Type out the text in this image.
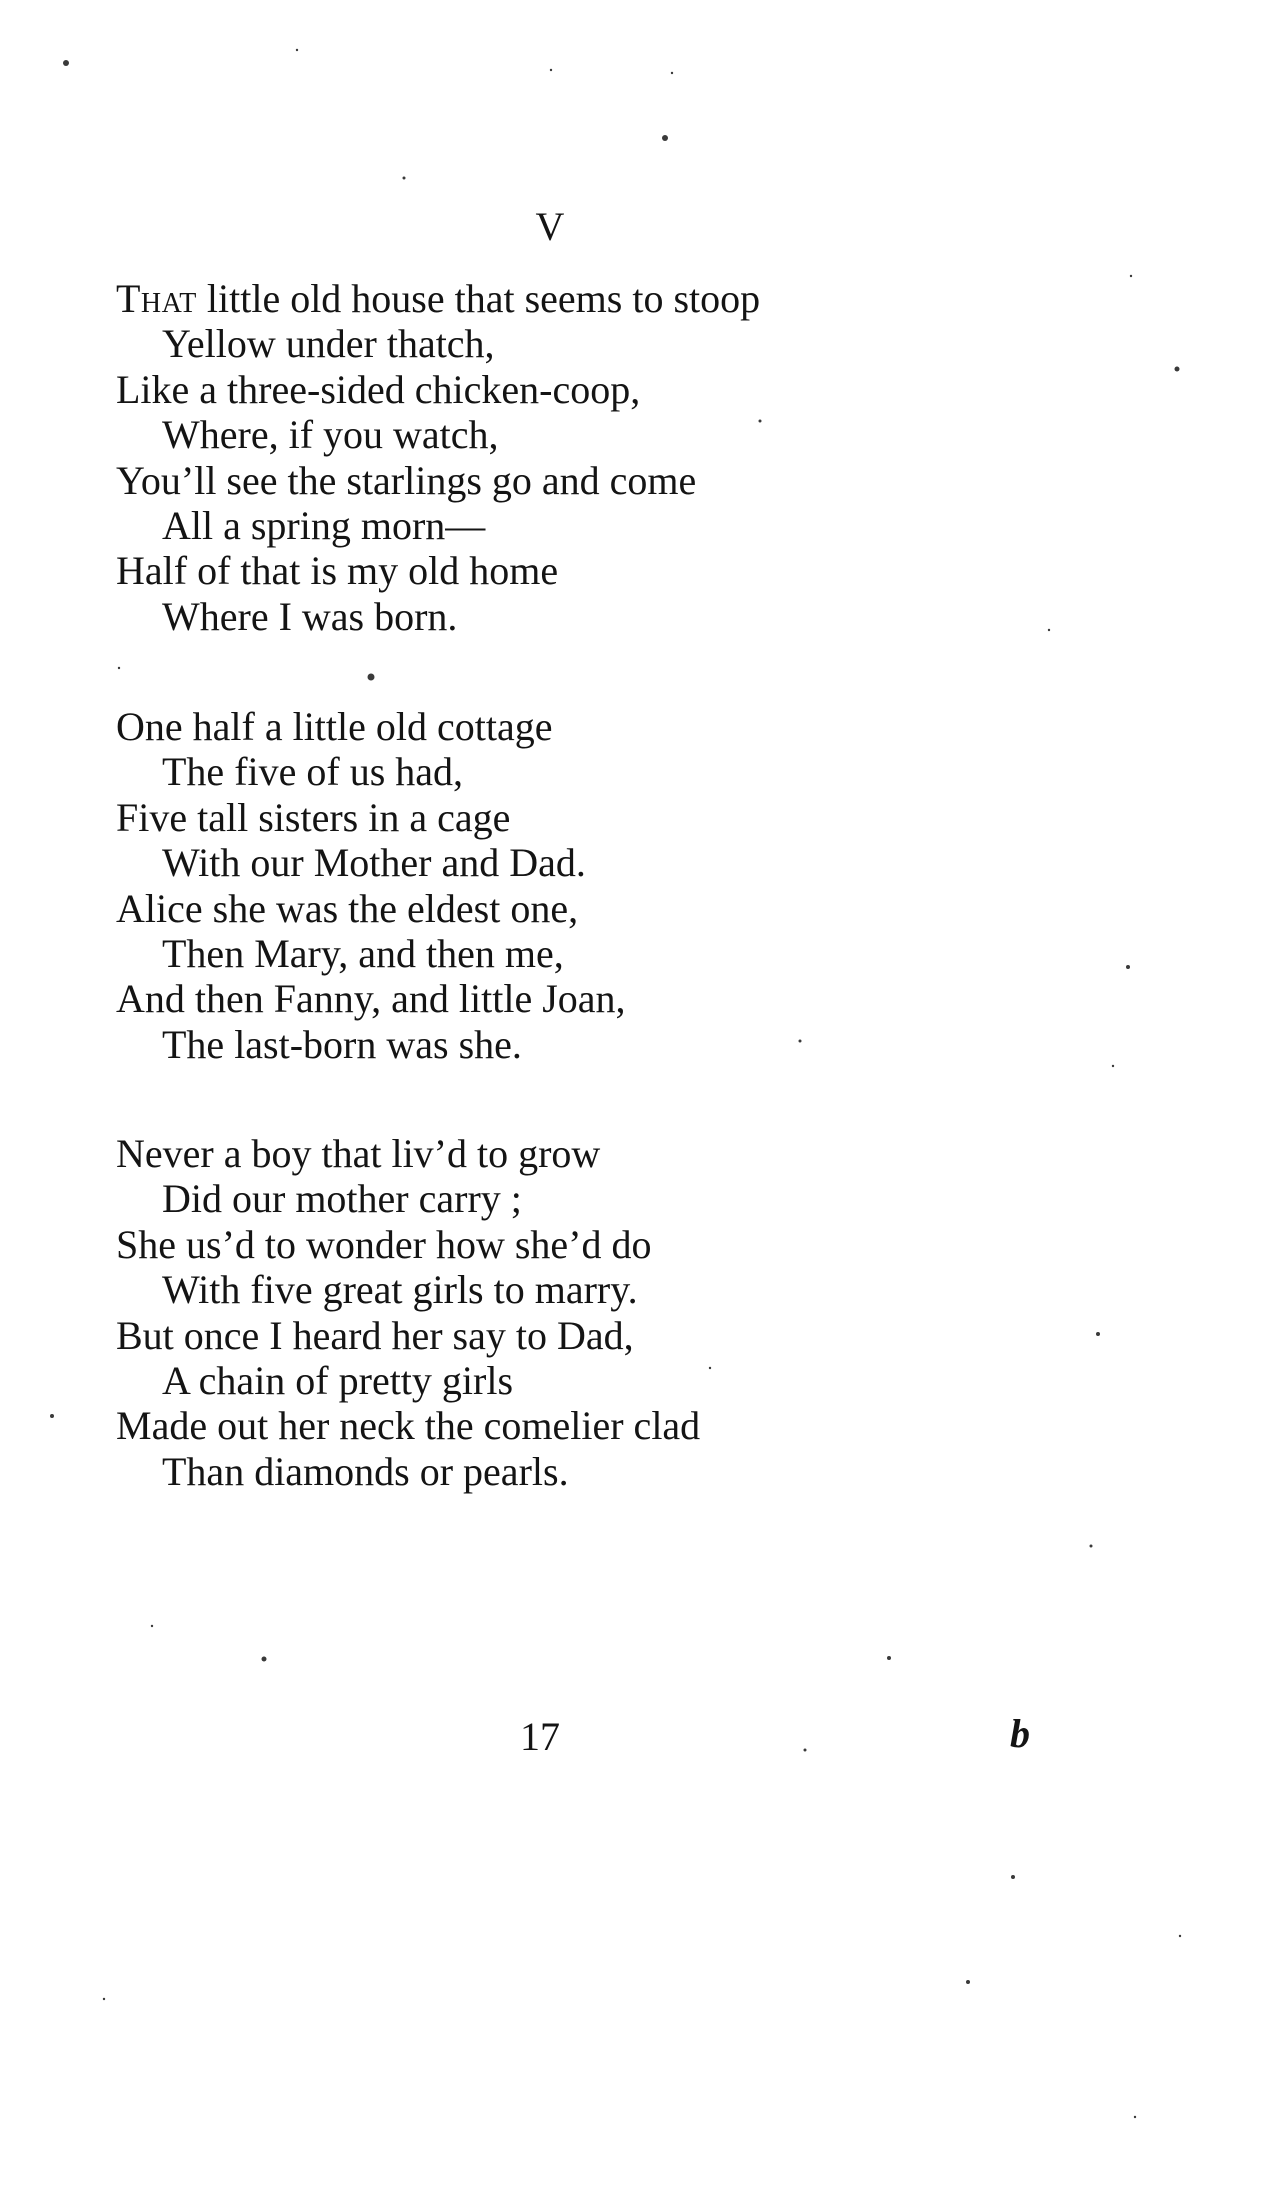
V
That little old house that seems to stoop
Yellow under thatch,
Like a three-sided chicken-coop,
Where, if you watch,
You’ll see the starlings go and come
All a spring morn—
Half of that is my old home
Where I was born.
One half a little old cottage
The five of us had,
Five tall sisters in a cage
With our Mother and Dad.
Alice she was the eldest one,
Then Mary, and then me,
And then Fanny, and little Joan,
The last-born was she.
Never a boy that liv’d to grow
Did our mother carry ;
She us’d to wonder how she’d do
With five great girls to marry.
But once I heard her say to Dad,
A chain of pretty girls
Made out her neck the comelier clad
Than diamonds or pearls.
17	b
